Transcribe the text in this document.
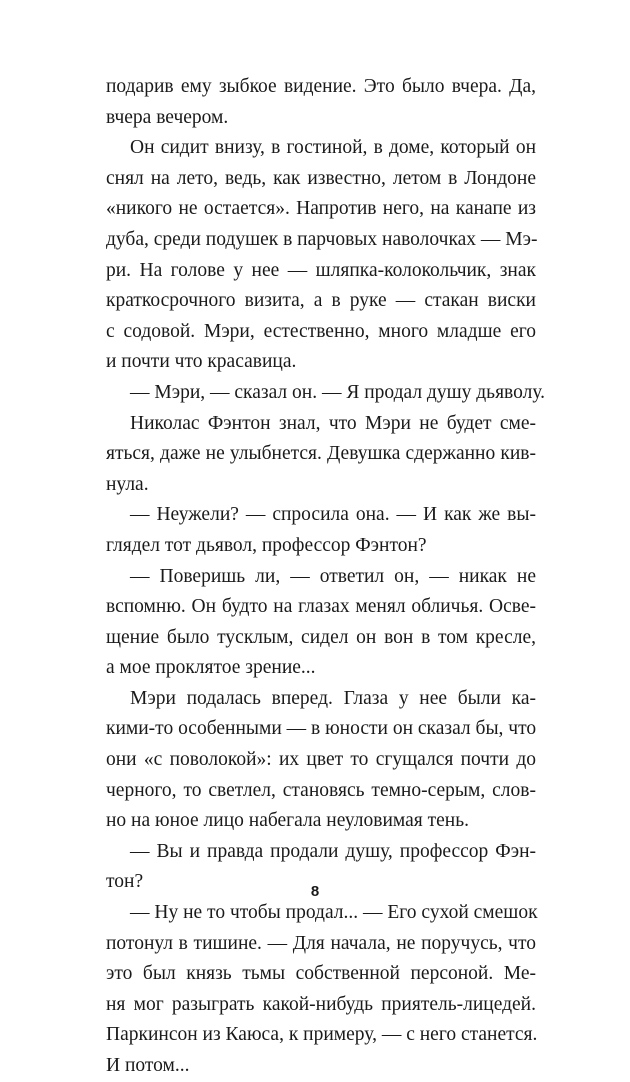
подарив ему зыбкое видение. Это было вчера. Да,
вчера вечером.
Он сидит внизу, в гостиной, в доме, который он
снял на лето, ведь, как известно, летом в Лондоне
«никого не остается». Напротив него, на канапе из
дуба, среди подушек в парчовых наволочках — Мэ-
ри. На голове у нее — шляпка-колокольчик, знак
краткосрочного визита, а в руке — стакан виски
с содовой. Мэри, естественно, много младше его
и почти что красавица.
— Мэри, — сказал он. — Я продал душу дьяволу.
Николас Фэнтон знал, что Мэри не будет сме-
яться, даже не улыбнется. Девушка сдержанно кив-
нула.
— Неужели? — спросила она. — И как же вы-
глядел тот дьявол, профессор Фэнтон?
— Поверишь ли, — ответил он, — никак не
вспомню. Он будто на глазах менял обличья. Осве-
щение было тусклым, сидел он вон в том кресле,
а мое проклятое зрение...
Мэри подалась вперед. Глаза у нее были ка-
кими-то особенными — в юности он сказал бы, что
они «с поволокой»: их цвет то сгущался почти до
черного, то светлел, становясь темно-серым, слов-
но на юное лицо набегала неуловимая тень.
— Вы и правда продали душу, профессор Фэн-
тон?
— Ну не то чтобы продал... — Его сухой смешок
потонул в тишине. — Для начала, не поручусь, что
это был князь тьмы собственной персоной. Ме-
ня мог разыграть какой-нибудь приятель-лицедей.
Паркинсон из Каюса, к примеру, — с него станется.
И потом...
8
